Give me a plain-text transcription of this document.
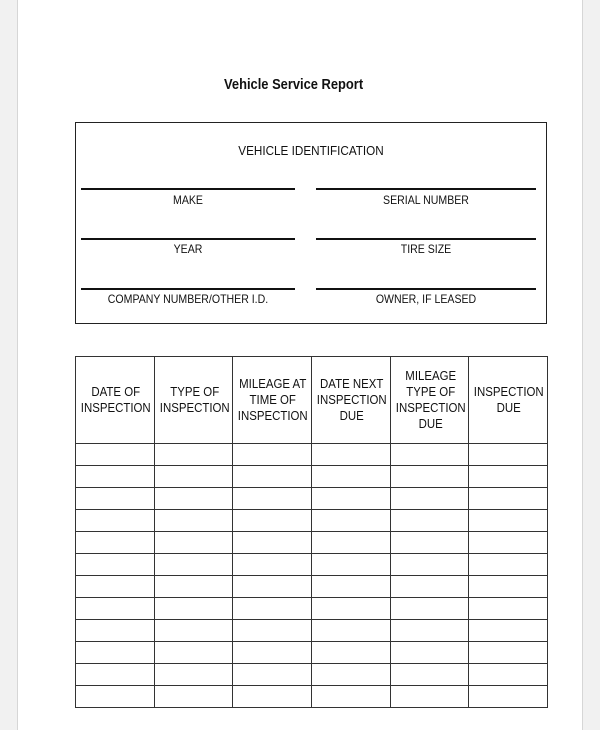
Vehicle Service Report
VEHICLE IDENTIFICATION
MAKE	SERIAL NUMBER
YEAR	TIRE SIZE
COMPANY NUMBER/OTHER I.D.	OWNER, IF LEASED
DATE OF INSPECTION	TYPE OF INSPECTION	MILEAGE AT TIME OF INSPECTION	DATE NEXT INSPECTION DUE	MILEAGE TYPE OF INSPECTION DUE	INSPECTION DUE
